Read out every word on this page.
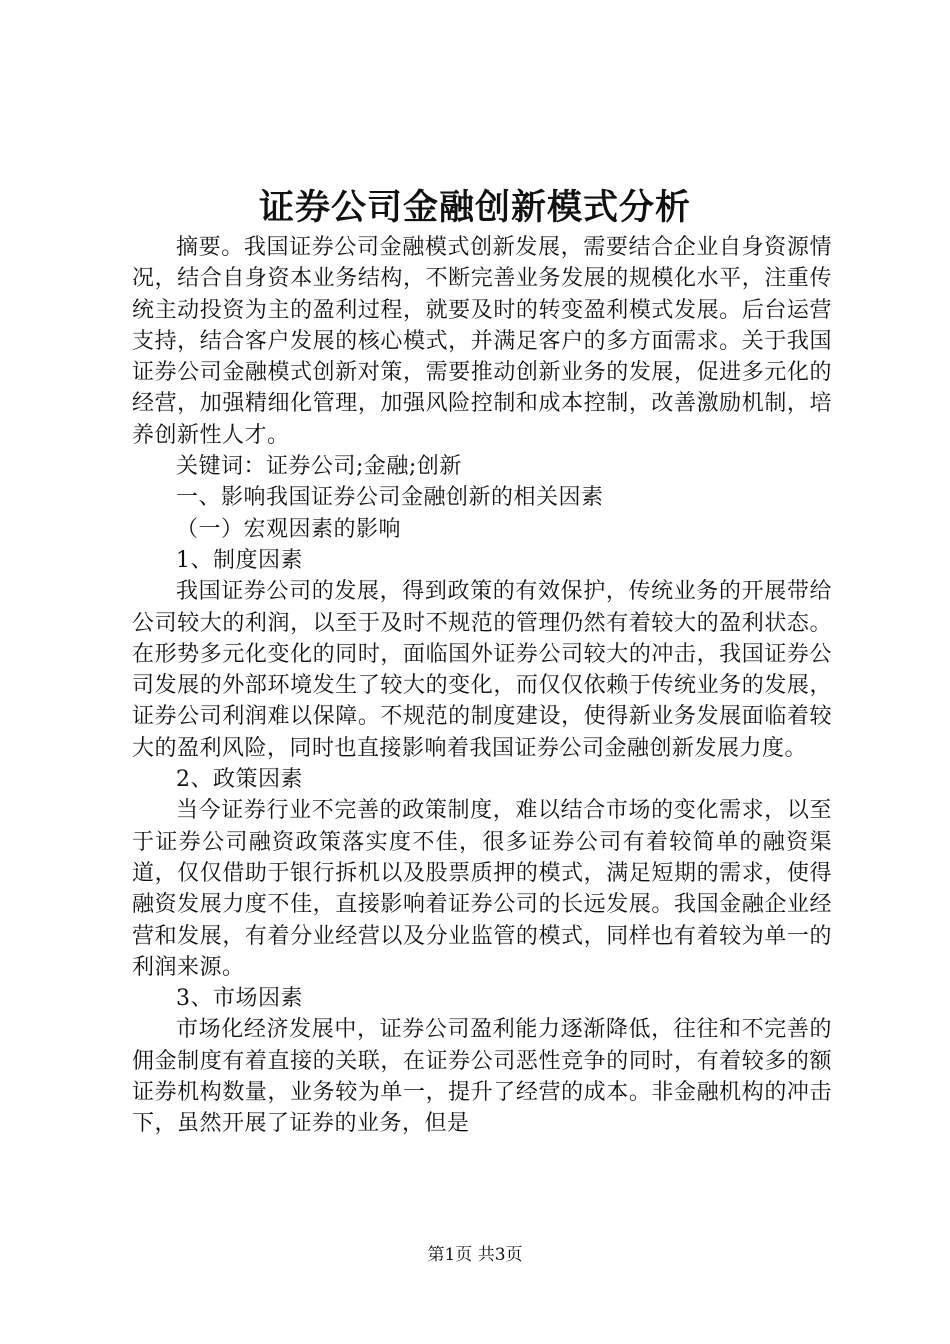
证券公司金融创新模式分析

摘要。我国证券公司金融模式创新发展，需要结合企业自身资源情况，结合自身资本业务结构，不断完善业务发展的规模化水平，注重传统主动投资为主的盈利过程，就要及时的转变盈利模式发展。后台运营支持，结合客户发展的核心模式，并满足客户的多方面需求。关于我国证券公司金融模式创新对策，需要推动创新业务的发展，促进多元化的经营，加强精细化管理，加强风险控制和成本控制，改善激励机制，培养创新性人才。

关键词：证券公司;金融;创新

一、影响我国证券公司金融创新的相关因素

（一）宏观因素的影响

1、制度因素

我国证券公司的发展，得到政策的有效保护，传统业务的开展带给公司较大的利润，以至于及时不规范的管理仍然有着较大的盈利状态。在形势多元化变化的同时，面临国外证券公司较大的冲击，我国证券公司发展的外部环境发生了较大的变化，而仅仅依赖于传统业务的发展，证券公司利润难以保障。不规范的制度建设，使得新业务发展面临着较大的盈利风险，同时也直接影响着我国证券公司金融创新发展力度。

2、政策因素

当今证券行业不完善的政策制度，难以结合市场的变化需求，以至于证券公司融资政策落实度不佳，很多证券公司有着较简单的融资渠道，仅仅借助于银行拆机以及股票质押的模式，满足短期的需求，使得融资发展力度不佳，直接影响着证券公司的长远发展。我国金融企业经营和发展，有着分业经营以及分业监管的模式，同样也有着较为单一的利润来源。

3、市场因素

市场化经济发展中，证券公司盈利能力逐渐降低，往往和不完善的佣金制度有着直接的关联，在证券公司恶性竞争的同时，有着较多的额证券机构数量，业务较为单一，提升了经营的成本。非金融机构的冲击下，虽然开展了证券的业务，但是

第1页 共3页
